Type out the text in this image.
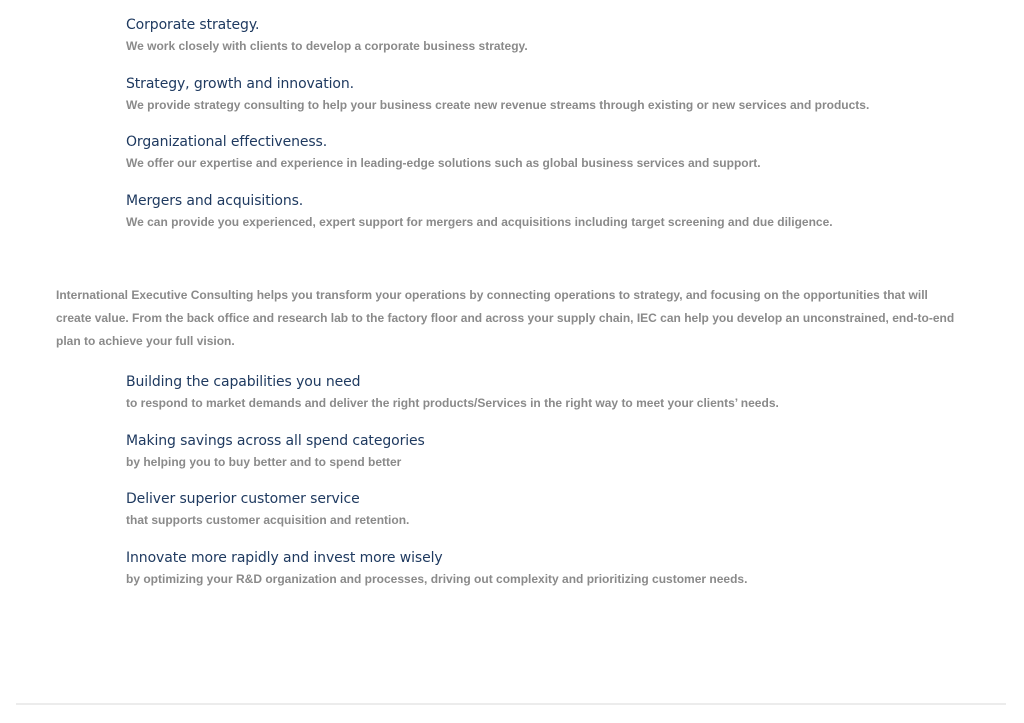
Corporate strategy.
We work closely with clients to develop a corporate business strategy.
Strategy, growth and innovation.
We provide strategy consulting to help your business create new revenue streams through existing or new services and products.
Organizational effectiveness.
We offer our expertise and experience in leading-edge solutions such as global business services and support.
Mergers and acquisitions.
We can provide you experienced, expert support for mergers and acquisitions including target screening and due diligence.
International Executive Consulting helps you transform your operations by connecting operations to strategy, and focusing on the opportunities that will create value. From the back office and research lab to the factory floor and across your supply chain, IEC can help you develop an unconstrained, end-to-end plan to achieve your full vision.
Building the capabilities you need
to respond to market demands and deliver the right products/Services in the right way to meet your clients’ needs.
Making savings across all spend categories
by helping you to buy better and to spend better
Deliver superior customer service
that supports customer acquisition and retention.
Innovate more rapidly and invest more wisely
by optimizing your R&D organization and processes, driving out complexity and prioritizing customer needs.
